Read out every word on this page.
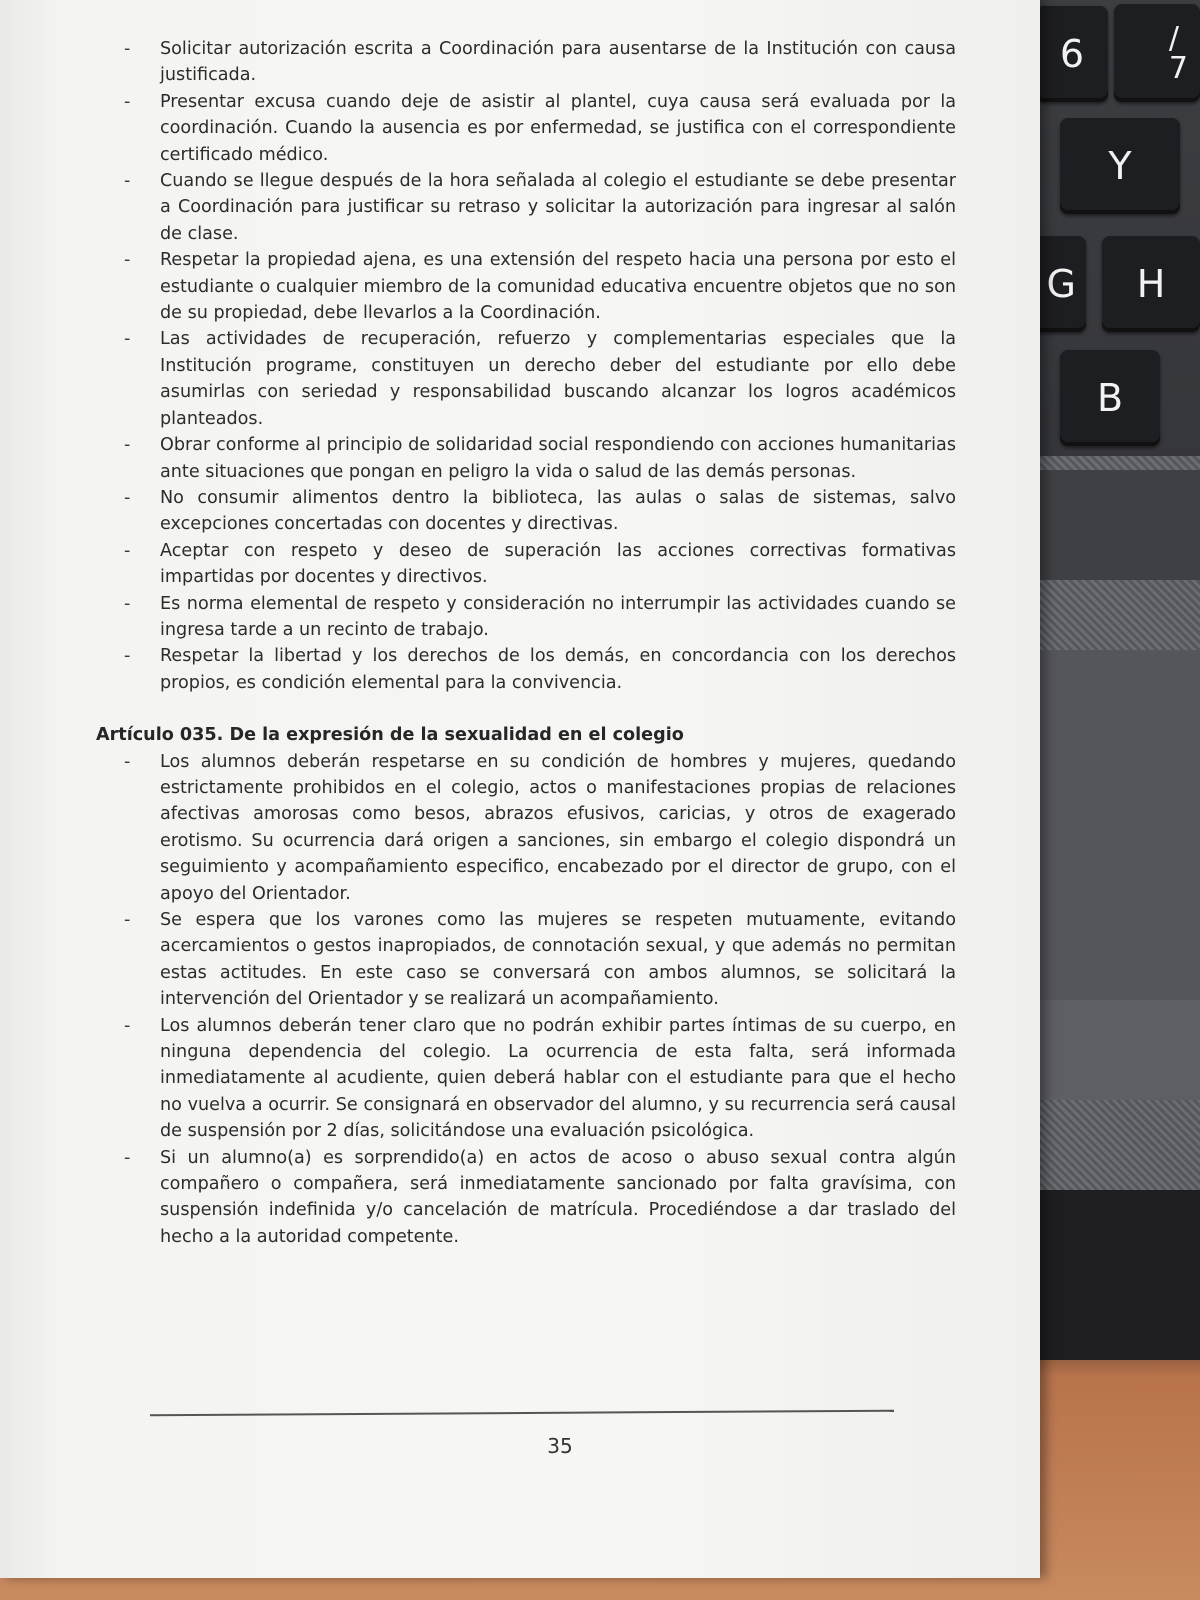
6	/
7
Y
G H
B
- Solicitar autorización escrita a Coordinación para ausentarse de la Institución con causa justificada.
- Presentar excusa cuando deje de asistir al plantel, cuya causa será evaluada por la coordinación. Cuando la ausencia es por enfermedad, se justifica con el correspondiente certificado médico.
- Cuando se llegue después de la hora señalada al colegio el estudiante se debe presentar a Coordinación para justificar su retraso y solicitar la autorización para ingresar al salón de clase.
- Respetar la propiedad ajena, es una extensión del respeto hacia una persona por esto el estudiante o cualquier miembro de la comunidad educativa encuentre objetos que no son de su propiedad, debe llevarlos a la Coordinación.
- Las actividades de recuperación, refuerzo y complementarias especiales que la Institución programe, constituyen un derecho deber del estudiante por ello debe asumirlas con seriedad y responsabilidad buscando alcanzar los logros académicos planteados.
- Obrar conforme al principio de solidaridad social respondiendo con acciones humanitarias ante situaciones que pongan en peligro la vida o salud de las demás personas.
- No consumir alimentos dentro la biblioteca, las aulas o salas de sistemas, salvo excepciones concertadas con docentes y directivas.
- Aceptar con respeto y deseo de superación las acciones correctivas formativas impartidas por docentes y directivos.
- Es norma elemental de respeto y consideración no interrumpir las actividades cuando se ingresa tarde a un recinto de trabajo.
- Respetar la libertad y los derechos de los demás, en concordancia con los derechos propios, es condición elemental para la convivencia.
Artículo 035. De la expresión de la sexualidad en el colegio
- Los alumnos deberán respetarse en su condición de hombres y mujeres, quedando estrictamente prohibidos en el colegio, actos o manifestaciones propias de relaciones afectivas amorosas como besos, abrazos efusivos, caricias, y otros de exagerado erotismo. Su ocurrencia dará origen a sanciones, sin embargo el colegio dispondrá un seguimiento y acompañamiento especifico, encabezado por el director de grupo, con el apoyo del Orientador.
- Se espera que los varones como las mujeres se respeten mutuamente, evitando acercamientos o gestos inapropiados, de connotación sexual, y que además no permitan estas actitudes. En este caso se conversará con ambos alumnos, se solicitará la intervención del Orientador y se realizará un acompañamiento.
- Los alumnos deberán tener claro que no podrán exhibir partes íntimas de su cuerpo, en ninguna dependencia del colegio. La ocurrencia de esta falta, será informada inmediatamente al acudiente, quien deberá hablar con el estudiante para que el hecho no vuelva a ocurrir. Se consignará en observador del alumno, y su recurrencia será causal de suspensión por 2 días, solicitándose una evaluación psicológica.
- Si un alumno(a) es sorprendido(a) en actos de acoso o abuso sexual contra algún compañero o compañera, será inmediatamente sancionado por falta gravísima, con suspensión indefinida y/o cancelación de matrícula. Procediéndose a dar traslado del hecho a la autoridad competente.
35
